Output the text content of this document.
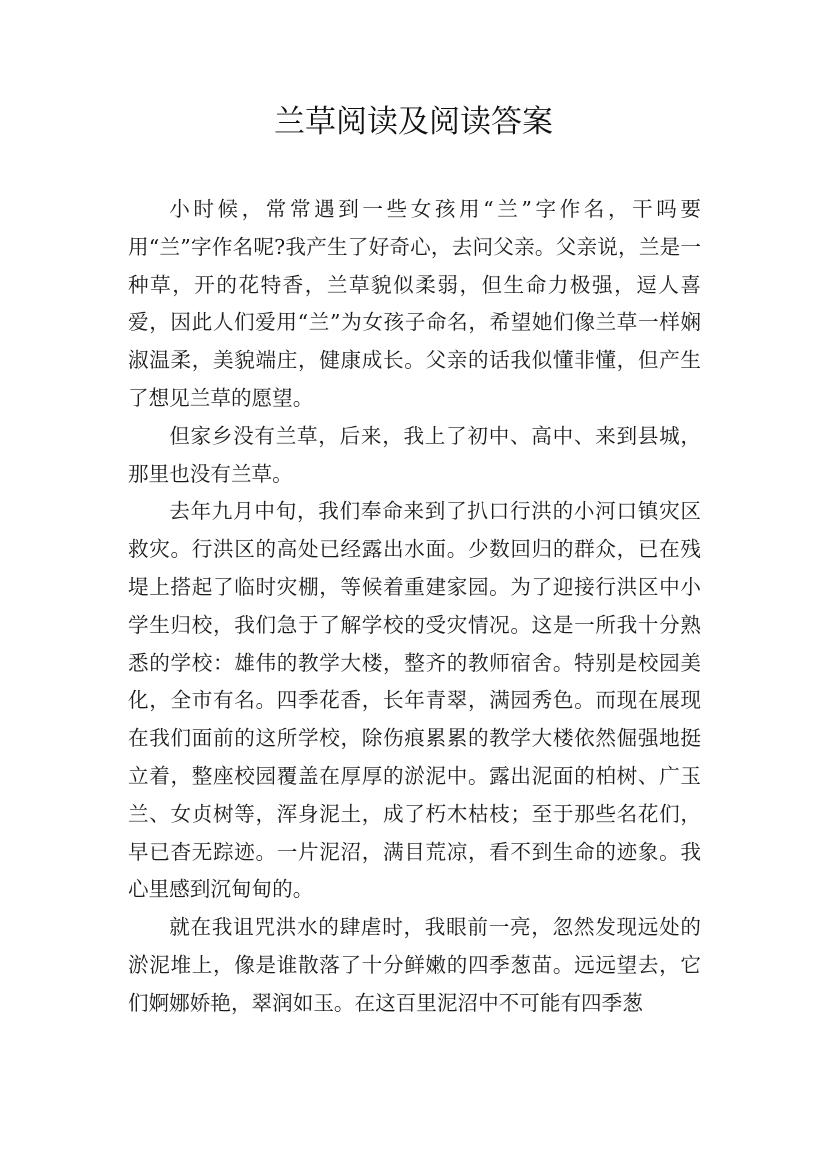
兰草阅读及阅读答案

小时候，常常遇到一些女孩用“兰”字作名，干吗要用“兰”字作名呢?我产生了好奇心，去问父亲。父亲说，兰是一种草，开的花特香，兰草貌似柔弱，但生命力极强，逗人喜爱，因此人们爱用“兰”为女孩子命名，希望她们像兰草一样娴淑温柔，美貌端庄，健康成长。父亲的话我似懂非懂，但产生了想见兰草的愿望。

但家乡没有兰草，后来，我上了初中、高中、来到县城，那里也没有兰草。

去年九月中旬，我们奉命来到了扒口行洪的小河口镇灾区救灾。行洪区的高处已经露出水面。少数回归的群众，已在残堤上搭起了临时灾棚，等候着重建家园。为了迎接行洪区中小学生归校，我们急于了解学校的受灾情况。这是一所我十分熟悉的学校：雄伟的教学大楼，整齐的教师宿舍。特别是校园美化，全市有名。四季花香，长年青翠，满园秀色。而现在展现在我们面前的这所学校，除伤痕累累的教学大楼依然倔强地挺立着，整座校园覆盖在厚厚的淤泥中。露出泥面的柏树、广玉兰、女贞树等，浑身泥土，成了朽木枯枝；至于那些名花们，早已杳无踪迹。一片泥沼，满目荒凉，看不到生命的迹象。我心里感到沉甸甸的。

就在我诅咒洪水的肆虐时，我眼前一亮，忽然发现远处的淤泥堆上，像是谁散落了十分鲜嫩的四季葱苗。远远望去，它们婀娜娇艳，翠润如玉。在这百里泥沼中不可能有四季葱
